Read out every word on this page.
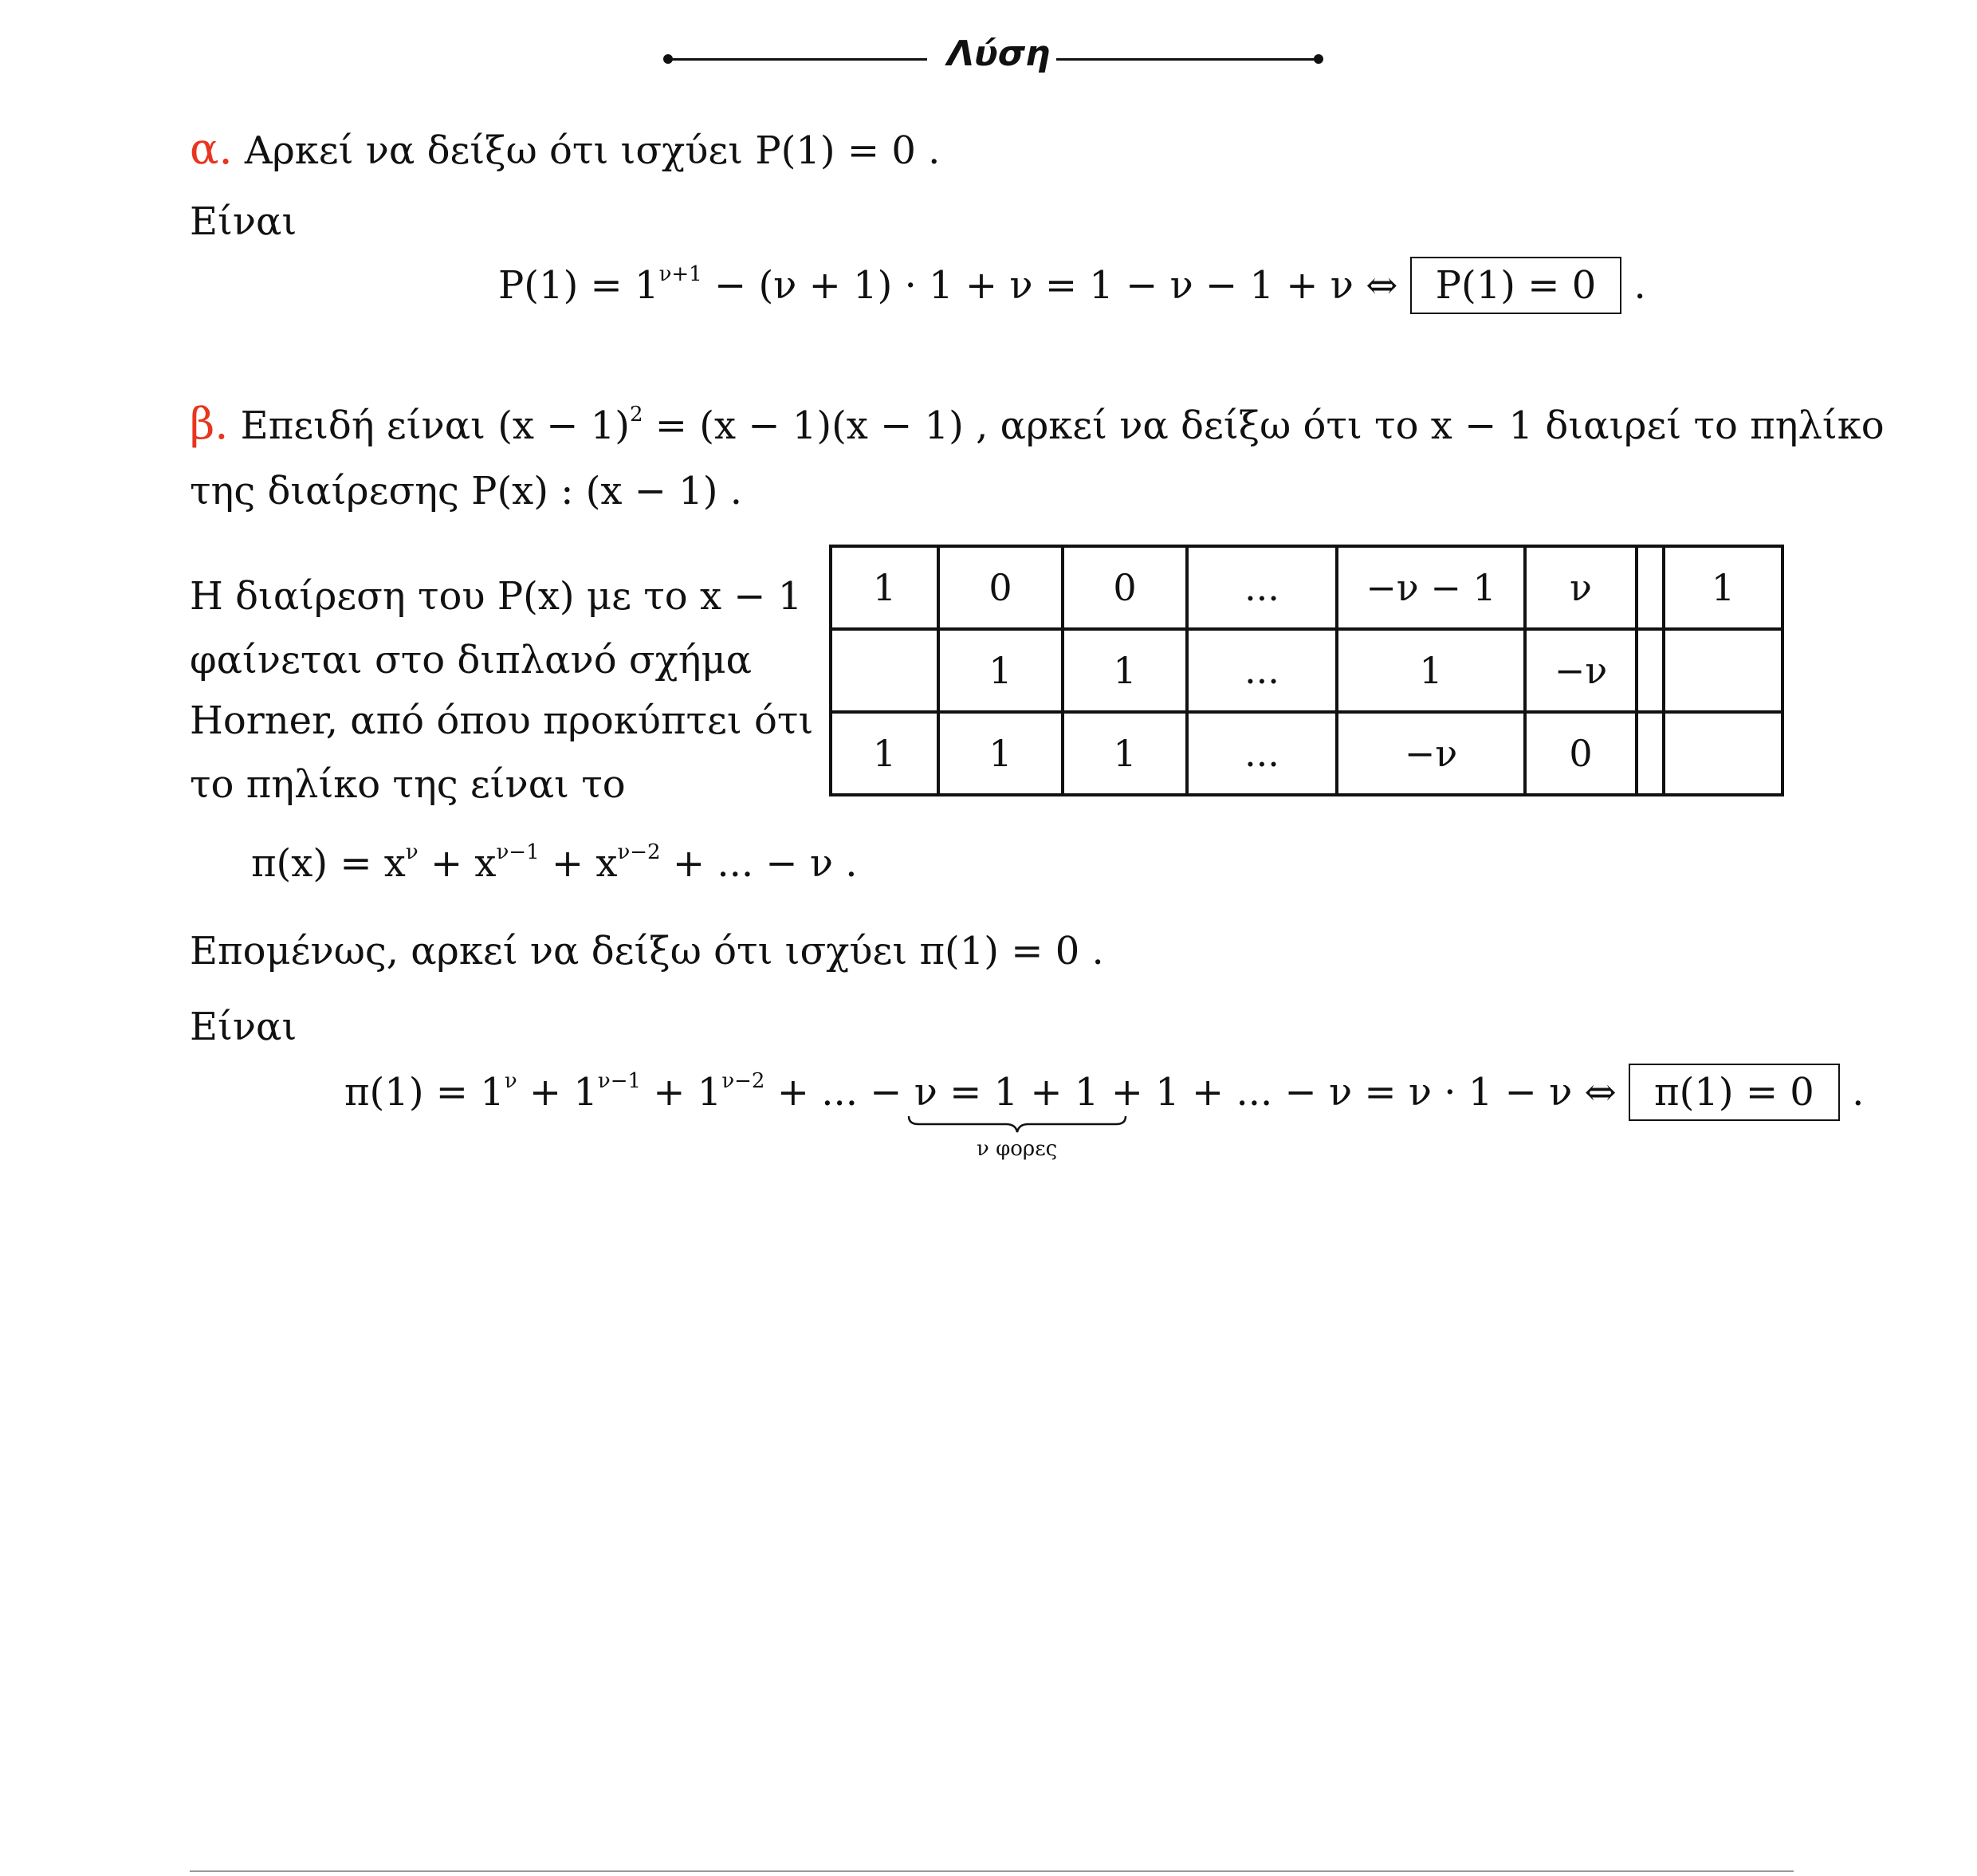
Λύση
α. Αρκεί να δείξω ότι ισχύει P(1) = 0 .
Είναι
$P(1) = 1^{\nu+1} - (\nu + 1) \cdot 1 + \nu = 1 - \nu - 1 + \nu$ ⇔ P(1) = 0 .
β. Επειδή είναι $(x - 1)^2 = (x - 1)(x - 1)$ , αρκεί να δείξω ότι το x − 1 διαιρεί το πηλίκο
της διαίρεσης P(x) : (x − 1) .
Η διαίρεση του P(x) με το x − 1
φαίνεται στο διπλανό σχήμα
Horner, από όπου προκύπτει ότι
το πηλίκο της είναι το
1	0	0	...	−ν − 1	ν		1
	1	1	...	1	−ν		
1	1	1	...	−ν	0		
$\pi(x) = x^\nu + x^{\nu-1} + x^{\nu-2}$ + ... − ν .
Επομένως, αρκεί να δείξω ότι ισχύει π(1) = 0 .
Είναι
$\pi(1) = 1^\nu + 1^{\nu-1} + 1^{\nu-2}$ + ... − ν = 1 + 1 + 1 + ... − ν = ν · 1 − ν ⇔ π(1) = 0 .
ν φορες
